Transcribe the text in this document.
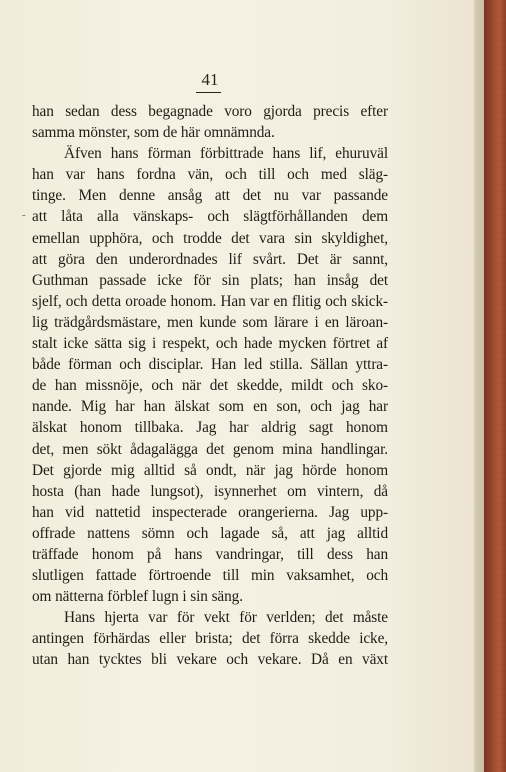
41
-
han sedan dess begagnade voro gjorda precis efter
samma mönster, som de här omnämnda.
Äfven hans förman förbittrade hans lif, ehuruväl
han var hans fordna vän, och till och med släg-
tinge. Men denne ansåg att det nu var passande
att låta alla vänskaps- och slägtförhållanden dem
emellan upphöra, och trodde det vara sin skyldighet,
att göra den underordnades lif svårt. Det är sannt,
Guthman passade icke för sin plats; han insåg det
sjelf, och detta oroade honom. Han var en flitig och skick-
lig trädgårdsmästare, men kunde som lärare i en läroan-
stalt icke sätta sig i respekt, och hade mycken förtret af
både förman och disciplar. Han led stilla. Sällan yttra-
de han missnöje, och när det skedde, mildt och sko-
nande. Mig har han älskat som en son, och jag har
älskat honom tillbaka. Jag har aldrig sagt honom
det, men sökt ådagalägga det genom mina handlingar.
Det gjorde mig alltid så ondt, när jag hörde honom
hosta (han hade lungsot), isynnerhet om vintern, då
han vid nattetid inspecterade orangerierna. Jag upp-
offrade nattens sömn och lagade så, att jag alltid
träffade honom på hans vandringar, till dess han
slutligen fattade förtroende till min vaksamhet, och
om nätterna förblef lugn i sin säng.
Hans hjerta var för vekt för verlden; det måste
antingen förhärdas eller brista; det förra skedde icke,
utan han tycktes bli vekare och vekare. Då en växt
